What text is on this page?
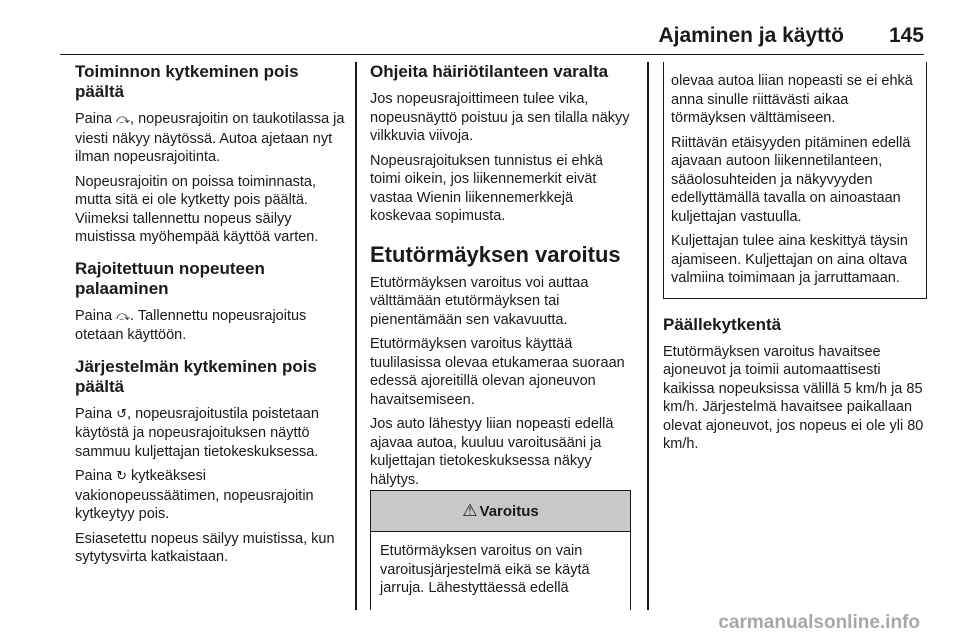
Ajaminen ja käyttö 145
Toiminnon kytkeminen pois päältä

Paina ⤼, nopeusrajoitin on taukotilassa ja viesti näkyy näytössä. Autoa ajetaan nyt ilman nopeusrajoitinta.

Nopeusrajoitin on poissa toiminnasta, mutta sitä ei ole kytketty pois päältä. Viimeksi tallennettu nopeus säilyy muistissa myöhempää käyttöä varten.

Rajoitettuun nopeuteen palaaminen

Paina ⤼. Tallennettu nopeusrajoitus otetaan käyttöön.

Järjestelmän kytkeminen pois päältä

Paina ↺, nopeusrajoitustila poistetaan käytöstä ja nopeusrajoituksen näyttö sammuu kuljettajan tietokeskuksessa.

Paina ↻ kytkeäksesi vakionopeussäätimen, nopeusrajoitin kytkeytyy pois.

Esiasetettu nopeus säilyy muistissa, kun sytytysvirta katkaistaan.

Ohjeita häiriötilanteen varalta

Jos nopeusrajoittimeen tulee vika, nopeusnäyttö poistuu ja sen tilalla näkyy vilkkuvia viivoja.

Nopeusrajoituksen tunnistus ei ehkä toimi oikein, jos liikennemerkit eivät vastaa Wienin liikennemerkkejä koskevaa sopimusta.

Etutörmäyksen varoitus

Etutörmäyksen varoitus voi auttaa välttämään etutörmäyksen tai pienentämään sen vakavuutta.

Etutörmäyksen varoitus käyttää tuulilasissa olevaa etukameraa suoraan edessä ajoreitillä olevan ajoneuvon havaitsemiseen.

Jos auto lähestyy liian nopeasti edellä ajavaa autoa, kuuluu varoitusääni ja kuljettajan tietokeskuksessa näkyy hälytys.

⚠ Varoitus

Etutörmäyksen varoitus on vain varoitusjärjestelmä eikä se käytä jarruja. Lähestyttäessä edellä

olevaa autoa liian nopeasti se ei ehkä anna sinulle riittävästi aikaa törmäyksen välttämiseen.

Riittävän etäisyyden pitäminen edellä ajavaan autoon liikennetilanteen, sääolosuhteiden ja näkyvyyden edellyttämällä tavalla on ainoastaan kuljettajan vastuulla.

Kuljettajan tulee aina keskittyä täysin ajamiseen. Kuljettajan on aina oltava valmiina toimimaan ja jarruttamaan.

Päällekytkentä

Etutörmäyksen varoitus havaitsee ajoneuvot ja toimii automaattisesti kaikissa nopeuksissa välillä 5 km/h ja 85 km/h. Järjestelmä havaitsee paikallaan olevat ajoneuvot, jos nopeus ei ole yli 80 km/h.

carmanualsonline.info
